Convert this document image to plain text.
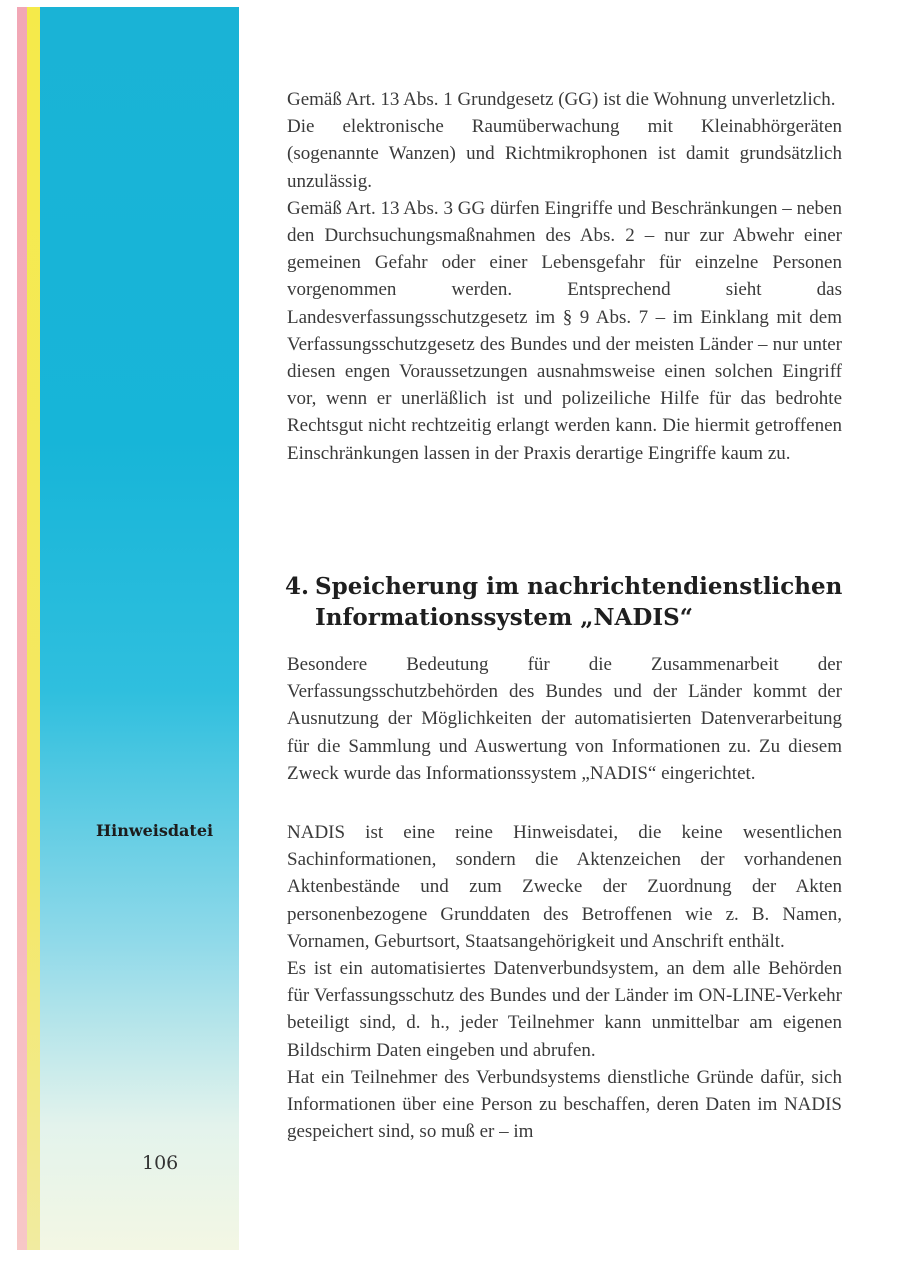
Hinweisdatei

106

Gemäß Art. 13 Abs. 1 Grundgesetz (GG) ist die Wohnung unverletzlich.

Die elektronische Raumüberwachung mit Kleinabhörgeräten (sogenannte Wanzen) und Richtmikrophonen ist damit grundsätzlich unzulässig.

Gemäß Art. 13 Abs. 3 GG dürfen Eingriffe und Beschränkungen – neben den Durchsuchungsmaßnahmen des Abs. 2 – nur zur Abwehr einer gemeinen Gefahr oder einer Lebensgefahr für einzelne Personen vorgenommen werden. Entsprechend sieht das Landesverfassungsschutzgesetz im § 9 Abs. 7 – im Einklang mit dem Verfassungsschutzgesetz des Bundes und der meisten Länder – nur unter diesen engen Voraussetzungen ausnahmsweise einen solchen Eingriff vor, wenn er unerläßlich ist und polizeiliche Hilfe für das bedrohte Rechtsgut nicht rechtzeitig erlangt werden kann. Die hiermit getroffenen Einschränkungen lassen in der Praxis derartige Eingriffe kaum zu.

4. Speicherung im nachrichtendienstlichen
Informationssystem „NADIS“

Besondere Bedeutung für die Zusammenarbeit der Verfassungsschutzbehörden des Bundes und der Länder kommt der Ausnutzung der Möglichkeiten der automatisierten Datenverarbeitung für die Sammlung und Auswertung von Informationen zu. Zu diesem Zweck wurde das Informationssystem „NADIS“ eingerichtet.

NADIS ist eine reine Hinweisdatei, die keine wesentlichen Sachinformationen, sondern die Aktenzeichen der vorhandenen Aktenbestände und zum Zwecke der Zuordnung der Akten personenbezogene Grunddaten des Betroffenen wie z. B. Namen, Vornamen, Geburtsort, Staatsangehörigkeit und Anschrift enthält.

Es ist ein automatisiertes Datenverbundsystem, an dem alle Behörden für Verfassungsschutz des Bundes und der Länder im ON-LINE-Verkehr beteiligt sind, d. h., jeder Teilnehmer kann unmittelbar am eigenen Bildschirm Daten eingeben und abrufen.

Hat ein Teilnehmer des Verbundsystems dienstliche Gründe dafür, sich Informationen über eine Person zu beschaffen, deren Daten im NADIS gespeichert sind, so muß er – im
